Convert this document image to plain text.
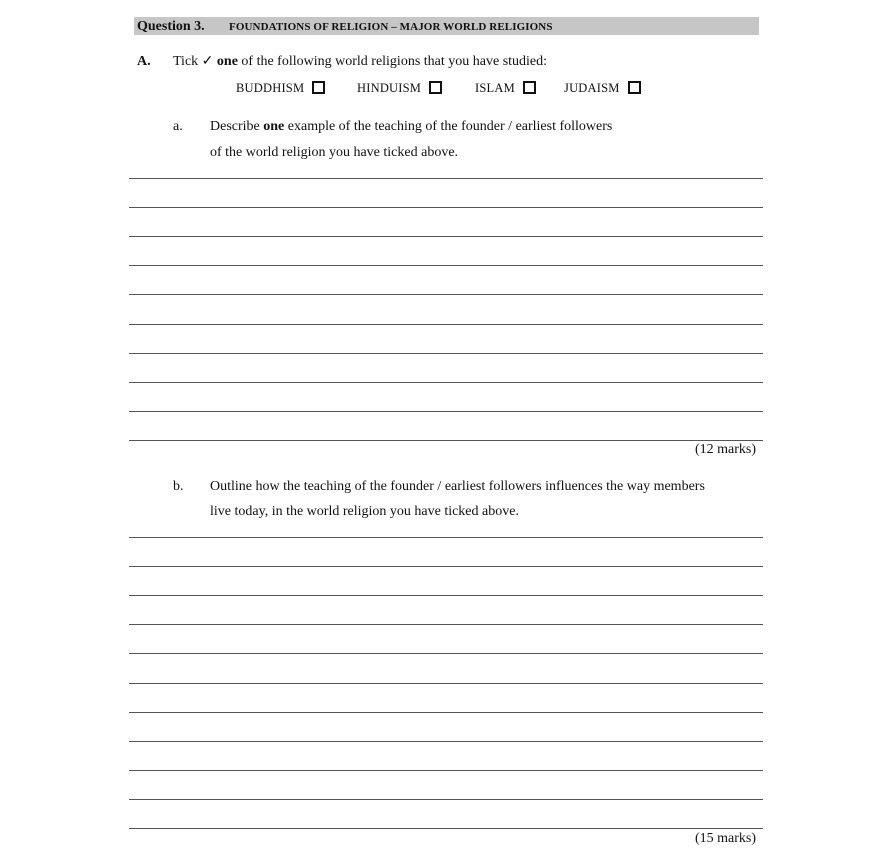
Question 3. FOUNDATIONS OF RELIGION – MAJOR WORLD RELIGIONS
A. Tick ✓ one of the following world religions that you have studied:
BUDDHISM	HINDUISM	ISLAM	JUDAISM
a. Describe one example of the teaching of the founder / earliest followers
of the world religion you have ticked above.
(12 marks)
b. Outline how the teaching of the founder / earliest followers influences the way members
live today, in the world religion you have ticked above.
(15 marks)
